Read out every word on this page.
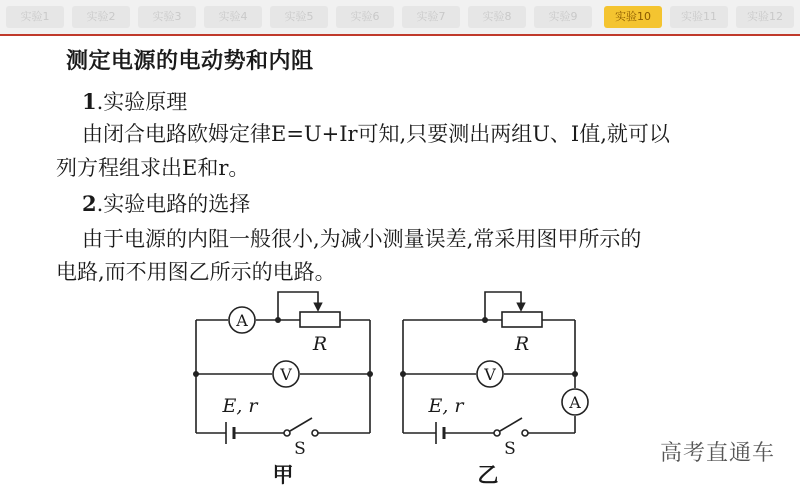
实验1	实验2	实验3	实验4	实验5	实验6	实验7	实验8	实验9	实验10	实验11	实验12
测定电源的电动势和内阻
1.实验原理
由闭合电路欧姆定律E=U+Ir可知,只要测出两组U、I值,就可以
列方程组求出E和r。
2.实验电路的选择
由于电源的内阻一般很小,为减小测量误差,常采用图甲所示的
电路,而不用图乙所示的电路。
A
R
V
E, r
S
甲
A
R
V
E, r
S
乙
高考直通车
